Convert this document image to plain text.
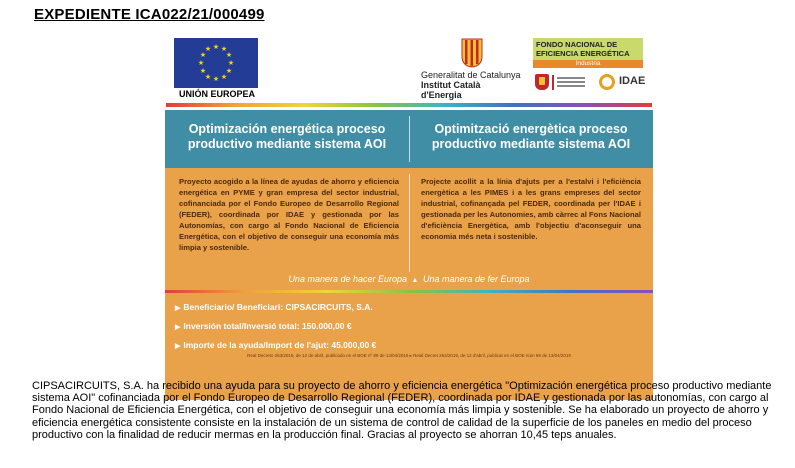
EXPEDIENTE ICA022/21/000499
★ ★
★
★
★
★
★
★
★
★
★
★
UNIÓN EUROPEA
Generalitat de Catalunya
Institut Català
d'Energia
FONDO NACIONAL DE
EFICIENCIA ENERGÉTICA
Industria
IDAE
Optimización energética proceso productivo mediante sistema AOI
Optimització energètica proceso productivo mediante sistema AOI
Proyecto acogido a la línea de ayudas de ahorro y eficiencia energética en PYME y gran empresa del sector industrial, cofinanciada por el Fondo Europeo de Desarrollo Regional (FEDER), coordinada por IDAE y gestionada por las Autonomías, con cargo al Fondo Nacional de Eficiencia Energética, con el objetivo de conseguir una economía más limpia y sostenible.
Projecte acollit a la línia d'ajuts per a l'estalvi i l'eficiència energètica a les PIMES i a les grans empreses del sector industrial, cofinançada pel FEDER, coordinada per l'IDAE i gestionada per les Autonomies, amb càrrec al Fons Nacional d'eficiència Energètica, amb l'objectiu d'aconseguir una economia més neta i sostenible.
Una manera de hacer Europa ▲ Una manera de fer Europa
▶ Beneficiario/ Beneficiari: CIPSACIRCUITS, S.A.
▶ Inversión total/Inversió total: 150.000,00 €
▶ Importe de la ayuda/Import de l'ajut: 45.000,00 €
Real Decreto 263/2019, de 12 de abril, publicado en el BOE nº 89 de 13/04/2019 ▸ Reial Decret 263/2019, de 12 d'abril, publicat en el BOE núm 89 de 13/04/2019
CIPSACIRCUITS, S.A. ha recibido una ayuda para su proyecto de ahorro y eficiencia energética "Optimización energética proceso productivo mediante sistema AOI" cofinanciada por el Fondo Europeo de Desarrollo Regional (FEDER), coordinada por IDAE y gestionada por las autonomías, con cargo al Fondo Nacional de Eficiencia Energética, con el objetivo de conseguir una economía más limpia y sostenible. Se ha elaborado un proyecto de ahorro y eficiencia energética consistente consiste en la instalación de un sistema de control de calidad de la superficie de los paneles en medio del proceso productivo con la finalidad de reducir mermas en la producción final. Gracias al proyecto se ahorran 10,45 teps anuales.
